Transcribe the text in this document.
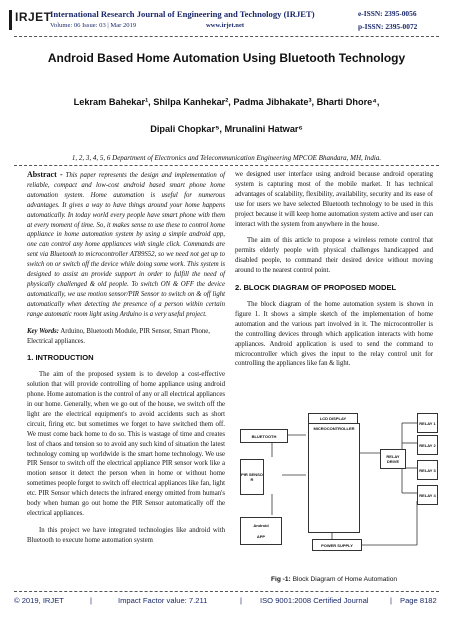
IRJET
International Research Journal of Engineering and Technology (IRJET)
Volume: 06 Issue: 03 | Mar 2019	www.irjet.net
e-ISSN: 2395-0056
p-ISSN: 2395-0072
Android Based Home Automation Using Bluetooth Technology
Lekram Bahekar¹, Shilpa Kanhekar², Padma Jibhakate³, Bharti Dhore⁴,
Dipali Chopkar⁵, Mrunalini Hatwar⁶
1, 2, 3, 4, 5, 6 Department of Electronics and Telecommunication Engineering MPCOE Bhandara, MH, India.

Abstract - This paper represents the design and implementation of reliable, compact and low-cost android based smart phone home automation system. Home automation is useful for numerous advantages. It gives a way to have things around your home happens automatically. In today world every people have smart phone with them at every moment of time. So, it makes sense to use these to control home appliance in home automation system by using a simple android app, one can control any home appliances with single click. Commands are sent via Bluetooth to microcontroller AT89S52, so we need not get up to switch on or switch off the device while doing some work. This system is designed to assist an provide support in order to fulfill the need of physically challenged & old people. To switch ON & OFF the device automatically, we use motion sensor/PIR Sensor to switch on & off light automatically when detecting the presence of a person within certain range automatic room light using Arduino is a very useful project.

Key Words: Arduino, Bluetooth Module, PIR Sensor, Smart Phone, Electrical appliances.

1. INTRODUCTION

The aim of the proposed system is to develop a cost-effective solution that will provide controlling of home appliance using android phone. Home automation is the control of any or all electrical appliances in our home. Generally, when we go out of the house, we switch off the light are the electrical equipment's to avoid accidents such as short circuit, firing etc. but sometimes we forget to have switched them off. We must come back home to do so. This is wastage of time and creates lost of chaos and tension so to avoid any such kind of situation the latest technology coming up worldwide is the smart home technology. We use PIR Sensor to switch off the electrical appliance PIR sensor work like a motion sensor it detect the person when in home or without home sometimes people forget to switch off electrical appliances like fan, light etc. PIR Sensor which detects the infrared energy omitted from human's body when human go out home the PIR Sensor automatically off the electrical appliances.

In this project we have integrated technologies like android with Bluetooth to execute home automation system

we designed user interface using android because android operating system is capturing most of the mobile market. It has technical advantages of scalability, flexibility, availability, security and its ease of use for users we have selected Bluetooth technology to be used in this project because it will keep home automation system active and user can interact with the system from anywhere in the house.

The aim of this article to propose a wireless remote control that permits elderly people with physical challenges handicapped and disabled people, to command their desired device without moving around to the nearest control point.

2. BLOCK DIAGRAM OF PROPOSED MODEL

The block diagram of the home automation system is shown in figure 1. It shows a simple sketch of the implementation of home automation and the various part involved in it. The microcontroller is the controlling devices through which application interacts with home appliances. Android application is used to send the command to microcontroller which gives the input to the relay control unit for controlling the appliances like fan & light.

LCD DISPLAY
BLUETOOTH
MICROCONTROLLER
PIR SENSO R
Android
APP
RELAY DRIVE
RELAY 1
RELAY 2
RELAY 3
RELAY 4
POWER SUPPLY
Fig -1: Block Diagram of Home Automation
© 2019, IRJET	|	Impact Factor value: 7.211	| ISO 9001:2008 Certified Journal	| Page 8182
